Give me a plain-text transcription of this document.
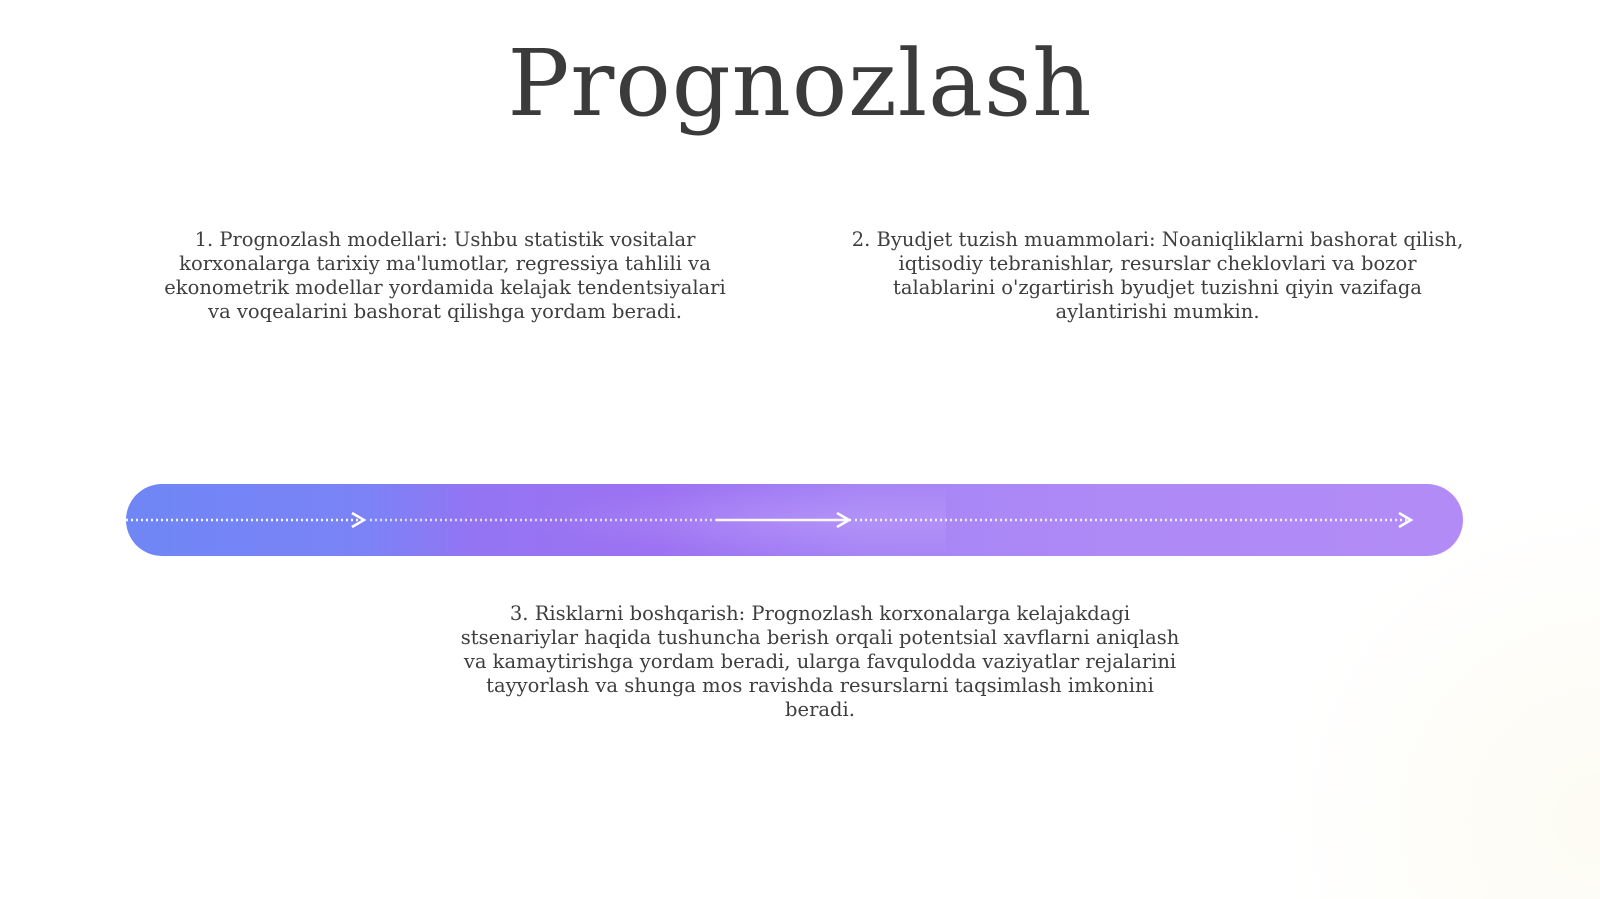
Prognozlash
1. Prognozlash modellari: Ushbu statistik vositalar korxonalarga tarixiy ma'lumotlar, regressiya tahlili va ekonometrik modellar yordamida kelajak tendentsiyalari va voqealarini bashorat qilishga yordam beradi.
2. Byudjet tuzish muammolari: Noaniqliklarni bashorat qilish, iqtisodiy tebranishlar, resurslar cheklovlari va bozor talablarini o'zgartirish byudjet tuzishni qiyin vazifaga aylantirishi mumkin.
3. Risklarni boshqarish: Prognozlash korxonalarga kelajakdagi stsenariylar haqida tushuncha berish orqali potentsial xavflarni aniqlash va kamaytirishga yordam beradi, ularga favqulodda vaziyatlar rejalarini tayyorlash va shunga mos ravishda resurslarni taqsimlash imkonini beradi.
